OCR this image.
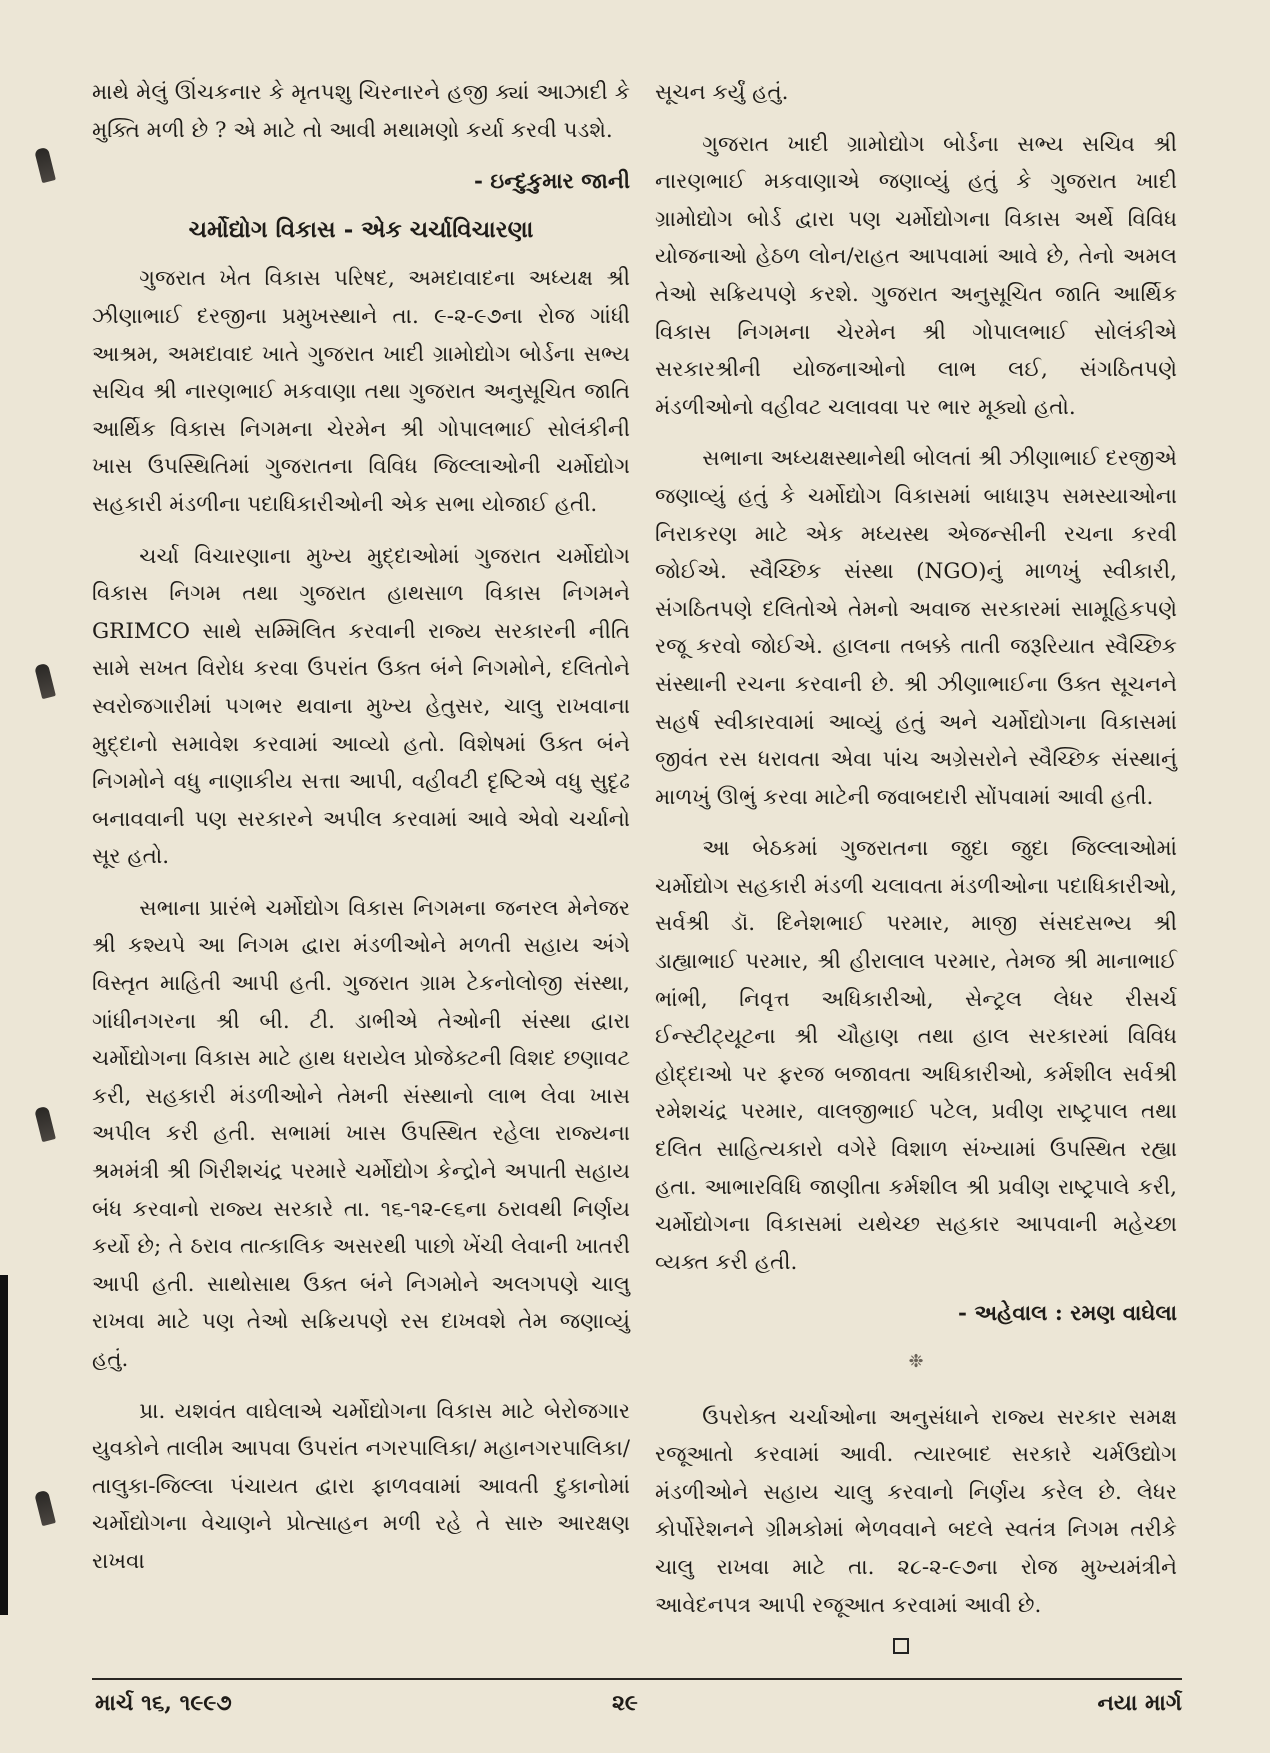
માથે મેલું ઊંચકનાર કે મૃતપશુ ચિરનારને હજી ક્યાં આઝાદી કે મુક્તિ મળી છે ? એ માટે તો આવી મથામણો કર્યા કરવી પડશે.

- ઇન્દુકુમાર જાની
ચર્મોદ્યોગ વિકાસ - એક ચર્ચાવિચારણા

ગુજરાત ખેત વિકાસ પરિષદ, અમદાવાદના અધ્યક્ષ શ્રી ઝીણાભાઈ દરજીના પ્રમુખસ્થાને તા. ૯-૨-૯૭ના રોજ ગાંધી આશ્રમ, અમદાવાદ ખાતે ગુજરાત ખાદી ગ્રામોદ્યોગ બોર્ડના સભ્ય સચિવ શ્રી નારણભાઈ મકવાણા તથા ગુજરાત અનુસૂચિત જાતિ આર્થિક વિકાસ નિગમના ચેરમેન શ્રી ગોપાલભાઈ સોલંકીની ખાસ ઉપસ્થિતિમાં ગુજરાતના વિવિધ જિલ્લાઓની ચર્મોદ્યોગ સહકારી મંડળીના પદાધિકારીઓની એક સભા યોજાઈ હતી.

ચર્ચા વિચારણાના મુખ્ય મુદ્દાઓમાં ગુજરાત ચર્મોદ્યોગ વિકાસ નિગમ તથા ગુજરાત હાથસાળ વિકાસ નિગમને GRIMCO સાથે સમ્મિલિત કરવાની રાજ્ય સરકારની નીતિ સામે સખત વિરોધ કરવા ઉપરાંત ઉક્ત બંને નિગમોને, દલિતોને સ્વરોજગારીમાં પગભર થવાના મુખ્ય હેતુસર, ચાલુ રાખવાના મુદ્દાનો સમાવેશ કરવામાં આવ્યો હતો. વિશેષમાં ઉક્ત બંને નિગમોને વધુ નાણાકીય સત્તા આપી, વહીવટી દૃષ્ટિએ વધુ સુદૃઢ બનાવવાની પણ સરકારને અપીલ કરવામાં આવે એવો ચર્ચાનો સૂર હતો.

સભાના પ્રારંભે ચર્મોદ્યોગ વિકાસ નિગમના જનરલ મેનેજર શ્રી કશ્યપે આ નિગમ દ્વારા મંડળીઓને મળતી સહાય અંગે વિસ્તૃત માહિતી આપી હતી. ગુજરાત ગ્રામ ટેકનોલોજી સંસ્થા, ગાંધીનગરના શ્રી બી. ટી. ડાભીએ તેઓની સંસ્થા દ્વારા ચર્મોદ્યોગના વિકાસ માટે હાથ ધરાયેલ પ્રોજેક્ટની વિશદ છણાવટ કરી, સહકારી મંડળીઓને તેમની સંસ્થાનો લાભ લેવા ખાસ અપીલ કરી હતી. સભામાં ખાસ ઉપસ્થિત રહેલા રાજ્યના શ્રમમંત્રી શ્રી ગિરીશચંદ્ર પરમારે ચર્મોદ્યોગ કેન્દ્રોને અપાતી સહાય બંધ કરવાનો રાજ્ય સરકારે તા. ૧૬-૧૨-૯૬ના ઠરાવથી નિર્ણય કર્યો છે; તે ઠરાવ તાત્કાલિક અસરથી પાછો ખેંચી લેવાની ખાતરી આપી હતી. સાથોસાથ ઉક્ત બંને નિગમોને અલગપણે ચાલુ રાખવા માટે પણ તેઓ સક્રિયપણે રસ દાખવશે તેમ જણાવ્યું હતું.

પ્રા. યશવંત વાઘેલાએ ચર્મોદ્યોગના વિકાસ માટે બેરોજગાર યુવકોને તાલીમ આપવા ઉપરાંત નગરપાલિકા/ મહાનગરપાલિકા/ તાલુકા-જિલ્લા પંચાયત દ્વારા ફાળવવામાં આવતી દુકાનોમાં ચર્મોદ્યોગના વેચાણને પ્રોત્સાહન મળી રહે તે સારુ આરક્ષણ રાખવા

સૂચન કર્યું હતું.

ગુજરાત ખાદી ગ્રામોદ્યોગ બોર્ડના સભ્ય સચિવ શ્રી નારણભાઈ મકવાણાએ જણાવ્યું હતું કે ગુજરાત ખાદી ગ્રામોદ્યોગ બોર્ડ દ્વારા પણ ચર્મોદ્યોગના વિકાસ અર્થે વિવિધ યોજનાઓ હેઠળ લોન/રાહત આપવામાં આવે છે, તેનો અમલ તેઓ સક્રિયપણે કરશે. ગુજરાત અનુસૂચિત જાતિ આર્થિક વિકાસ નિગમના ચેરમેન શ્રી ગોપાલભાઈ સોલંકીએ સરકારશ્રીની યોજનાઓનો લાભ લઈ, સંગઠિતપણે મંડળીઓનો વહીવટ ચલાવવા પર ભાર મૂક્યો હતો.

સભાના અધ્યક્ષસ્થાનેથી બોલતાં શ્રી ઝીણાભાઈ દરજીએ જણાવ્યું હતું કે ચર્મોદ્યોગ વિકાસમાં બાધારૂપ સમસ્યાઓના નિરાકરણ માટે એક મધ્યસ્થ એજન્સીની રચના કરવી જોઈએ. સ્વૈચ્છિક સંસ્થા (NGO)નું માળખું સ્વીકારી, સંગઠિતપણે દલિતોએ તેમનો અવાજ સરકારમાં સામૂહિકપણે રજૂ કરવો જોઈએ. હાલના તબક્કે તાતી જરૂરિયાત સ્વૈચ્છિક સંસ્થાની રચના કરવાની છે. શ્રી ઝીણાભાઈના ઉક્ત સૂચનને સહર્ષ સ્વીકારવામાં આવ્યું હતું અને ચર્મોદ્યોગના વિકાસમાં જીવંત રસ ધરાવતા એવા પાંચ અગ્રેસરોને સ્વૈચ્છિક સંસ્થાનું માળખું ઊભું કરવા માટેની જવાબદારી સોંપવામાં આવી હતી.

આ બેઠકમાં ગુજરાતના જુદા જુદા જિલ્લાઓમાં ચર્મોદ્યોગ સહકારી મંડળી ચલાવતા મંડળીઓના પદાધિકારીઓ, સર્વશ્રી ડૉ. દિનેશભાઈ પરમાર, માજી સંસદસભ્ય શ્રી ડાહ્યાભાઈ પરમાર, શ્રી હીરાલાલ પરમાર, તેમજ શ્રી માનાભાઈ ભાંભી, નિવૃત્ત અધિકારીઓ, સેન્ટ્રલ લેધર રીસર્ચ ઈન્સ્ટીટ્યૂટના શ્રી ચૌહાણ તથા હાલ સરકારમાં વિવિધ હોદ્દાઓ પર ફરજ બજાવતા અધિકારીઓ, કર્મશીલ સર્વશ્રી રમેશચંદ્ર પરમાર, વાલજીભાઈ પટેલ, પ્રવીણ રાષ્ટ્રપાલ તથા દલિત સાહિત્યકારો વગેરે વિશાળ સંખ્યામાં ઉપસ્થિત રહ્યા હતા. આભારવિધિ જાણીતા કર્મશીલ શ્રી પ્રવીણ રાષ્ટ્રપાલે કરી, ચર્મોદ્યોગના વિકાસમાં યથેચ્છ સહકાર આપવાની મહેચ્છા વ્યક્ત કરી હતી.

- અહેવાલ : રમણ વાઘેલા
❉

ઉપરોક્ત ચર્ચાઓના અનુસંધાને રાજ્ય સરકાર સમક્ષ રજૂઆતો કરવામાં આવી. ત્યારબાદ સરકારે ચર્મઉદ્યોગ મંડળીઓને સહાય ચાલુ કરવાનો નિર્ણય કરેલ છે. લેધર કોર્પોરેશનને ગ્રીમકોમાં ભેળવવાને બદલે સ્વતંત્ર નિગમ તરીકે ચાલુ રાખવા માટે તા. ૨૮-૨-૯૭ના રોજ મુખ્યમંત્રીને આવેદનપત્ર આપી રજૂઆત કરવામાં આવી છે.

માર્ચ ૧૬, ૧૯૯૭	૨૯	નયા માર્ગ
